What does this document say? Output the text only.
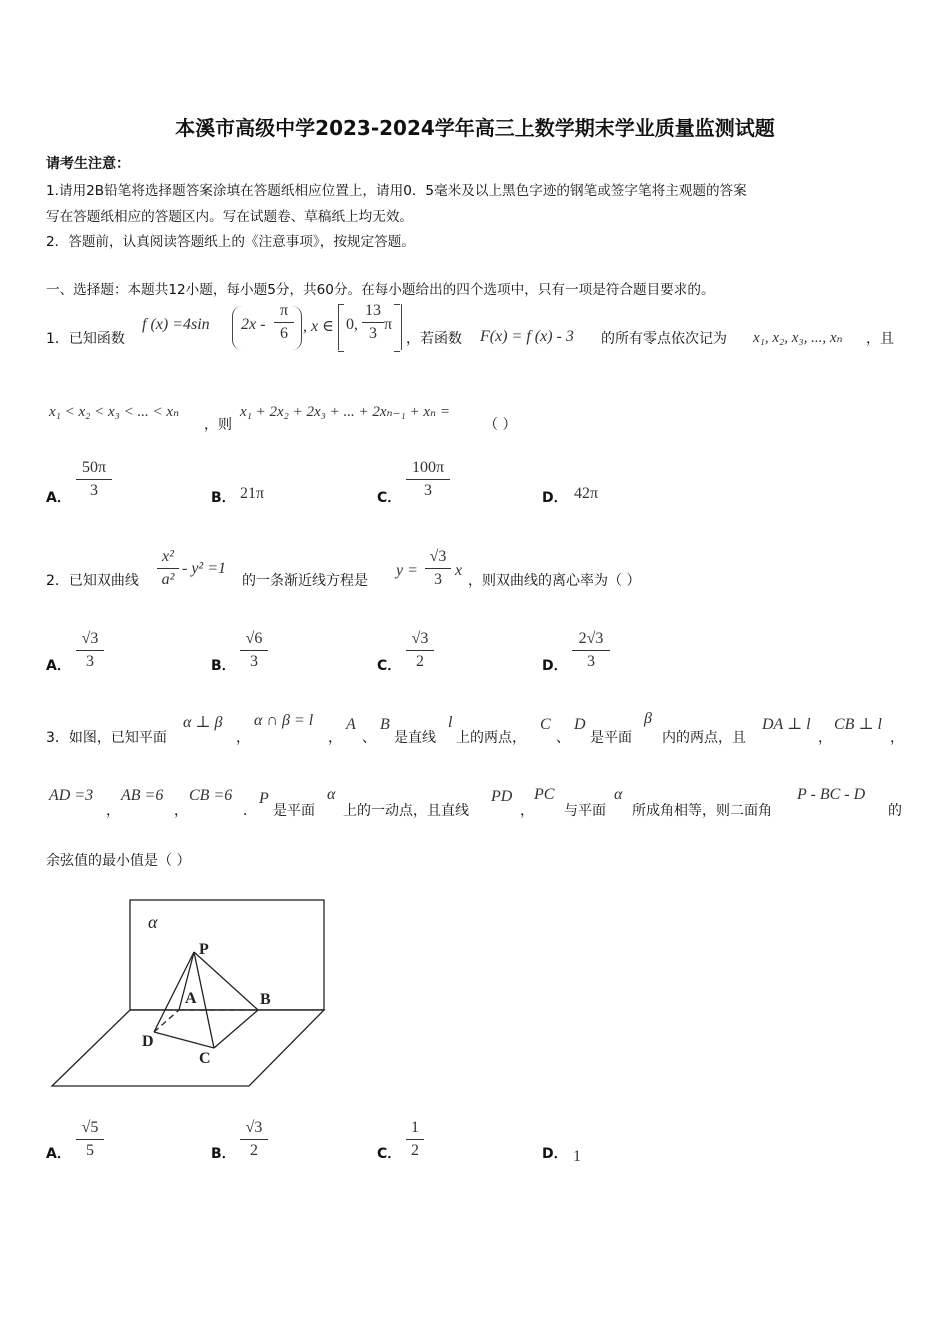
本溪市高级中学2023-2024学年高三上数学期末学业质量监测试题
请考生注意：
1.请用2B铅笔将选择题答案涂填在答题纸相应位置上，请用0．5毫米及以上黑色字迹的钢笔或签字笔将主观题的答案
写在答题纸相应的答题区内。写在试题卷、草稿纸上均无效。
2．答题前，认真阅读答题纸上的《注意事项》，按规定答题。
一、选择题：本题共12小题，每小题5分，共60分。在每小题给出的四个选项中，只有一项是符合题目要求的。
1．已知函数
f (x) =4sin $2x - \frac{\pi}{6}$ , x ∈ 0, $\frac{13}{3}$ π
，若函数 F(x) = f (x) - 3 的所有零点依次记为 x₁, x₂, x₃, ..., xₙ ，且
x₁ < x₂ < x₃ < ... < xₙ
，则
x₁ + 2x₂ + 2x₃ + ... + 2xₙ₋₁ + xₙ =
（ ）
A． $\frac{50\pi}{3}$	B． 21π	C． $\frac{100\pi}{3}$	D． 42π
2．已知双曲线 $\frac{\text{x²}}{\text{a²}} - y^2 =1$
的一条渐近线方程是
$y = \frac{√3}{3}$ x
，则双曲线的离心率为（ ）
A． $\frac{√3}{3}$	B． $\frac{√6}{3}$	C． $\frac{√3}{2}$	D． $\frac{2√3}{3}$
3．如图，已知平面
α ⊥ β
，
α ∩ β = l
，
A
、
B
是直线
l
上的两点，
C
、
D
是平面
β
内的两点，且
DA ⊥ l
，
CB ⊥ l
，
AD =3
，
AB =6
，
CB =6
．
P
是平面
α
上的一动点，且直线
PD
，
PC
与平面
α
所成角相等，则二面角
P - BC - D
的
余弦值的最小值是（ ）
α
P
A	B
C
D
A． $\frac{√5}{5}$	B． $\frac{√3}{2}$	C． $\frac{1}{2}$	D． 1
